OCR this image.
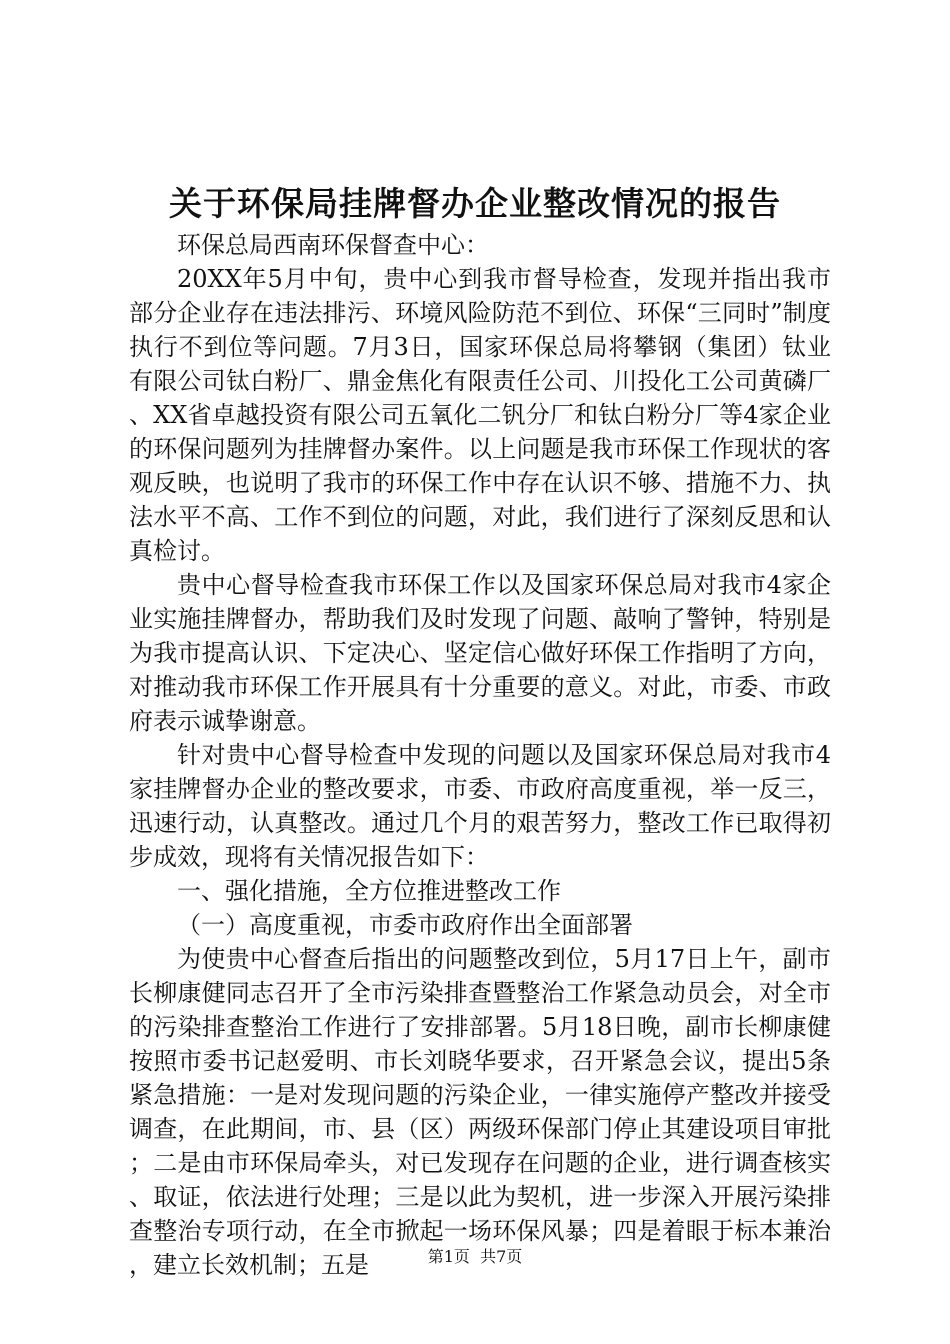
关于环保局挂牌督办企业整改情况的报告

环保总局西南环保督查中心：

20XX年5月中旬，贵中心到我市督导检查，发现并指出我市部分企业存在违法排污、环境风险防范不到位、环保“三同时”制度执行不到位等问题。7月3日，国家环保总局将攀钢（集团）钛业有限公司钛白粉厂、鼎金焦化有限责任公司、川投化工公司黄磷厂、XX省卓越投资有限公司五氧化二钒分厂和钛白粉分厂等4家企业的环保问题列为挂牌督办案件。以上问题是我市环保工作现状的客观反映，也说明了我市的环保工作中存在认识不够、措施不力、执法水平不高、工作不到位的问题，对此，我们进行了深刻反思和认真检讨。

贵中心督导检查我市环保工作以及国家环保总局对我市4家企业实施挂牌督办，帮助我们及时发现了问题、敲响了警钟，特别是为我市提高认识、下定决心、坚定信心做好环保工作指明了方向，对推动我市环保工作开展具有十分重要的意义。对此，市委、市政府表示诚挚谢意。

针对贵中心督导检查中发现的问题以及国家环保总局对我市4家挂牌督办企业的整改要求，市委、市政府高度重视，举一反三，迅速行动，认真整改。通过几个月的艰苦努力，整改工作已取得初步成效，现将有关情况报告如下：

一、强化措施，全方位推进整改工作

（一）高度重视，市委市政府作出全面部署

为使贵中心督查后指出的问题整改到位，5月17日上午，副市长柳康健同志召开了全市污染排查暨整治工作紧急动员会，对全市的污染排查整治工作进行了安排部署。5月18日晚，副市长柳康健按照市委书记赵爱明、市长刘晓华要求，召开紧急会议，提出5条紧急措施：一是对发现问题的污染企业，一律实施停产整改并接受调查，在此期间，市、县（区）两级环保部门停止其建设项目审批；二是由市环保局牵头，对已发现存在问题的企业，进行调查核实、取证，依法进行处理；三是以此为契机，进一步深入开展污染排查整治专项行动，在全市掀起一场环保风暴；四是着眼于标本兼治，建立长效机制；五是	第1页  共7页
